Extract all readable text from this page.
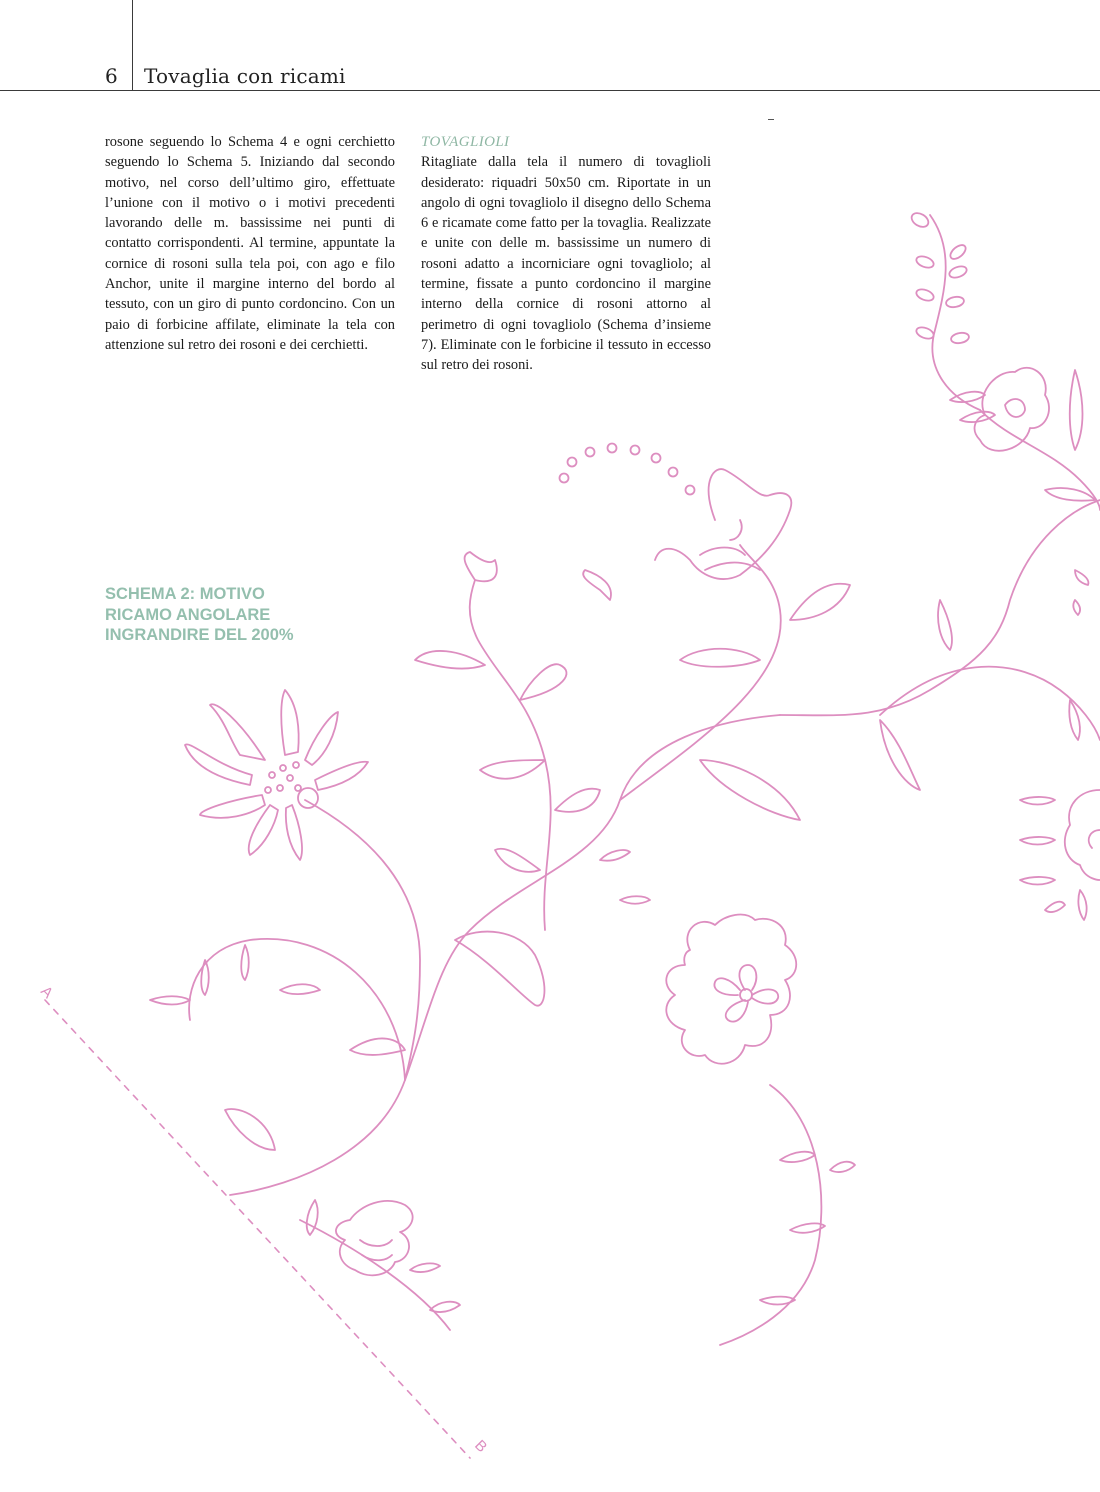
6 Tovaglia con ricami

rosone seguendo lo Schema 4 e ogni cerchietto seguendo lo Schema 5. Iniziando dal secondo motivo, nel corso dell’ultimo giro, effettuate l’unione con il motivo o i motivi precedenti lavorando delle m. bassissime nei punti di contatto corrispondenti. Al termine, appuntate la cornice di rosoni sulla tela poi, con ago e filo Anchor, unite il margine interno del bordo al tessuto, con un giro di punto cordoncino. Con un paio di forbicine affilate, eliminate la tela con attenzione sul retro dei rosoni e dei cerchietti.

TOVAGLIOLI

Ritagliate dalla tela il numero di tovaglioli desiderato: riquadri 50x50 cm. Riportate in un angolo di ogni tovagliolo il disegno dello Schema 6 e ricamate come fatto per la tovaglia. Realizzate e unite con delle m. bassissime un numero di rosoni adatto a incorniciare ogni tovagliolo; al termine, fissate a punto cordoncino il margine interno della cornice di rosoni attorno al perimetro di ogni tovagliolo (Schema d’insieme 7). Eliminate con le forbicine il tessuto in eccesso sul retro dei rosoni.

SCHEMA 2: MOTIVO
RICAMO ANGOLARE
INGRANDIRE DEL 200%
A
B
